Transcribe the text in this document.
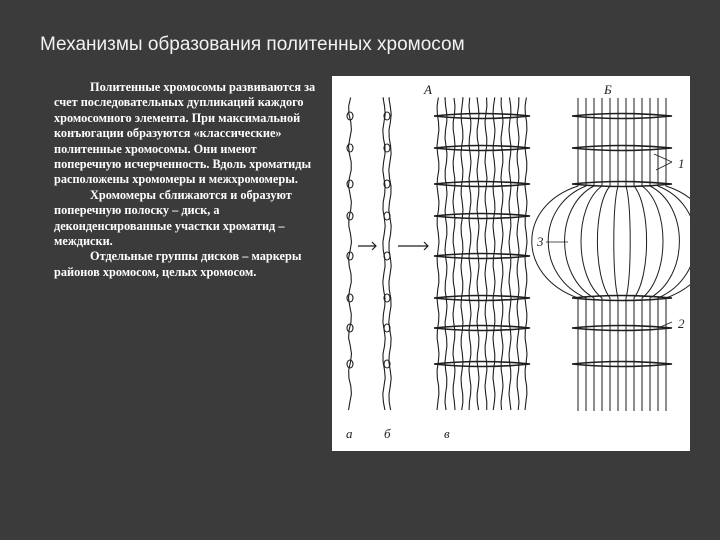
Механизмы образования политенных хромосом

Политенные хромосомы развиваются за счет последовательных дупликаций каждого хромосомного элемента. При максимальной конъюгации образуются «классические» политенные хромосомы. Они имеют поперечную исчерченность. Вдоль хроматиды расположены хромомеры и межхромомеры.

Хромомеры сближаются и образуют поперечную полоску – диск, а деконденсированные участки хроматид – междиски.

Отдельные группы дисков – маркеры районов хромосом, целых хромосом.

А	Б
1
3
2
а б	в
